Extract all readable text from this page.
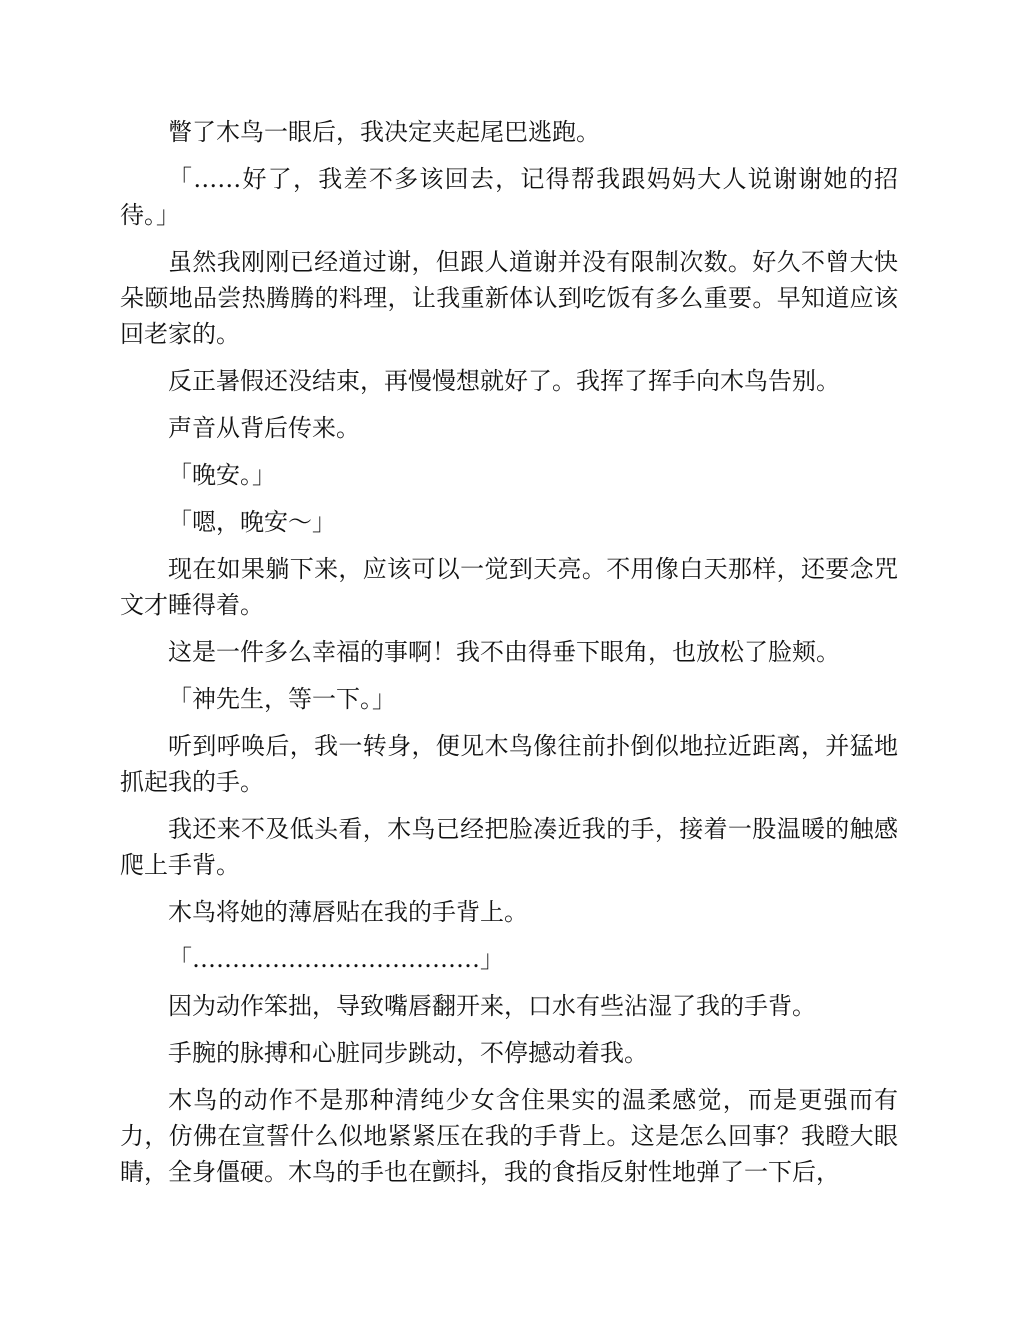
瞥了木鸟一眼后，我决定夹起尾巴逃跑。

「……好了，我差不多该回去，记得帮我跟妈妈大人说谢谢她的招待。」

虽然我刚刚已经道过谢，但跟人道谢并没有限制次数。好久不曾大快朵颐地品尝热腾腾的料理，让我重新体认到吃饭有多么重要。早知道应该回老家的。

反正暑假还没结束，再慢慢想就好了。我挥了挥手向木鸟告别。

声音从背后传来。

「晚安。」

「嗯，晚安～」

现在如果躺下来，应该可以一觉到天亮。不用像白天那样，还要念咒文才睡得着。

这是一件多么幸福的事啊！我不由得垂下眼角，也放松了脸颊。

「神先生，等一下。」

听到呼唤后，我一转身，便见木鸟像往前扑倒似地拉近距离，并猛地抓起我的手。

我还来不及低头看，木鸟已经把脸凑近我的手，接着一股温暖的触感爬上手背。

木鸟将她的薄唇贴在我的手背上。

「………………………………」

因为动作笨拙，导致嘴唇翻开来，口水有些沾湿了我的手背。

手腕的脉搏和心脏同步跳动，不停撼动着我。

木鸟的动作不是那种清纯少女含住果实的温柔感觉，而是更强而有力，仿佛在宣誓什么似地紧紧压在我的手背上。这是怎么回事？我瞪大眼睛，全身僵硬。木鸟的手也在颤抖，我的食指反射性地弹了一下后，
